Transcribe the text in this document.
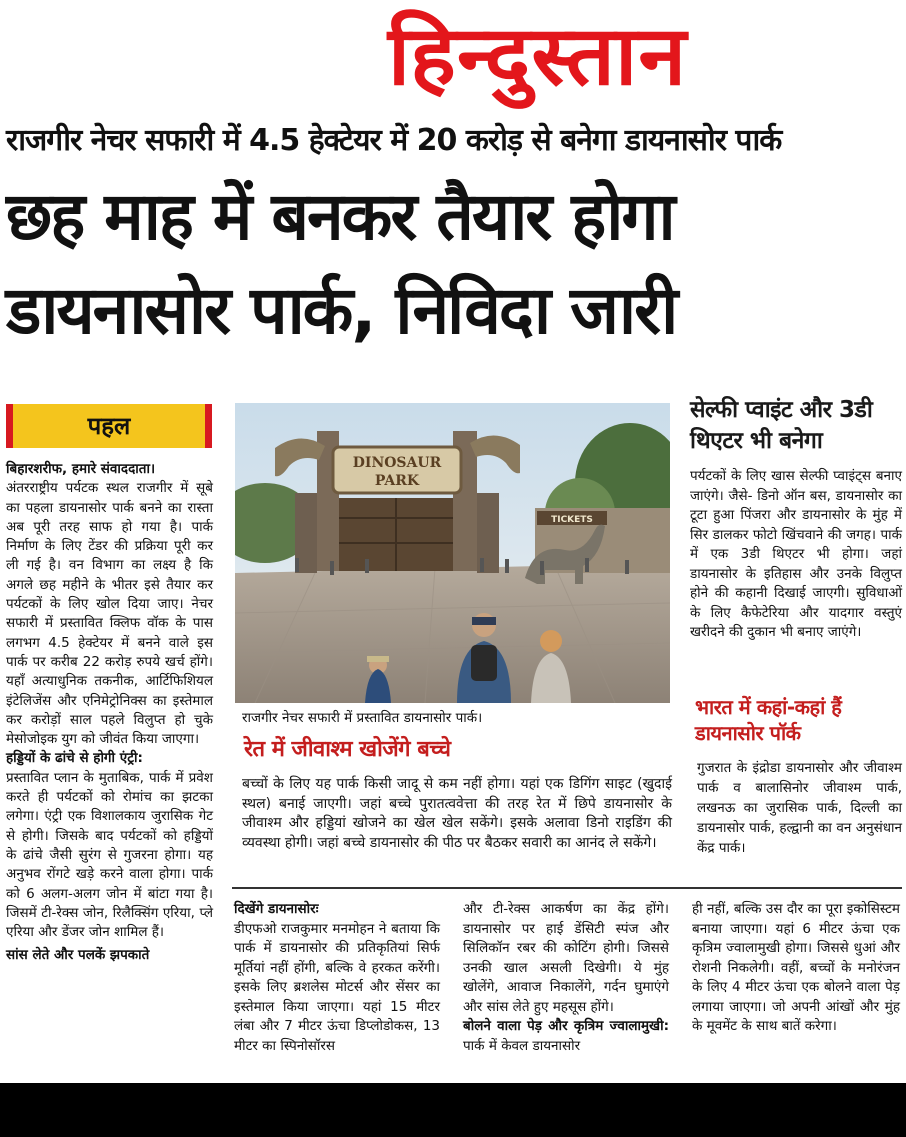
हिन्दुस्तान
राजगीर नेचर सफारी में 4.5 हेक्टेयर में 20 करोड़ से बनेगा डायनासोर पार्क
छह माह में बनकर तैयार होगा
डायनासोर पार्क, निविदा जारी
पहल

बिहारशरीफ, हमारे संवाददाता।

अंतरराष्ट्रीय पर्यटक स्थल राजगीर में सूबे का पहला डायनासोर पार्क बनने का रास्ता अब पूरी तरह साफ हो गया है। पार्क निर्माण के लिए टेंडर की प्रक्रिया पूरी कर ली गई है। वन विभाग का लक्ष्य है कि अगले छह महीने के भीतर इसे तैयार कर पर्यटकों के लिए खोल दिया जाए। नेचर सफारी में प्रस्तावित क्लिफ वॉक के पास लगभग 4.5 हेक्टेयर में बनने वाले इस पार्क पर करीब 22 करोड़ रुपये खर्च होंगे। यहाँ अत्याधुनिक तकनीक, आर्टिफिशियल इंटेलिजेंस और एनिमेट्रोनिक्स का इस्तेमाल कर करोड़ों साल पहले विलुप्त हो चुके मेसोजोइक युग को जीवंत किया जाएगा।

हड्डियों के ढांचे से होगी एंट्री:

प्रस्तावित प्लान के मुताबिक, पार्क में प्रवेश करते ही पर्यटकों को रोमांच का झटका लगेगा। एंट्री एक विशालकाय जुरासिक गेट से होगी। जिसके बाद पर्यटकों को हड्डियों के ढांचे जैसी सुरंग से गुजरना होगा। यह अनुभव रोंगटे खड़े करने वाला होगा। पार्क को 6 अलग-अलग जोन में बांटा गया है। जिसमें टी-रेक्स जोन, रिलैक्सिंग एरिया, प्ले एरिया और डेंजर जोन शामिल हैं।

सांस लेते और पलकें झपकाते

DINOSAUR
PARK
TICKETS
राजगीर नेचर सफारी में प्रस्तावित डायनासोर पार्क।
रेत में जीवाश्म खोजेंगे बच्चे
बच्चों के लिए यह पार्क किसी जादू से कम नहीं होगा। यहां एक डिगिंग साइट (खुदाई स्थल) बनाई जाएगी। जहां बच्चे पुरातत्ववेत्ता की तरह रेत में छिपे डायनासोर के जीवाश्म और हड्डियां खोजने का खेल खेल सकेंगे। इसके अलावा डिनो राइडिंग की व्यवस्था होगी। जहां बच्चे डायनासोर की पीठ पर बैठकर सवारी का आनंद ले सकेंगे।
सेल्फी प्वाइंट और 3डी थिएटर भी बनेगा
पर्यटकों के लिए खास सेल्फी प्वाइंट्स बनाए जाएंगे। जैसे- डिनो ऑन बस, डायनासोर का टूटा हुआ पिंजरा और डायनासोर के मुंह में सिर डालकर फोटो खिंचवाने की जगह। पार्क में एक 3डी थिएटर भी होगा। जहां डायनासोर के इतिहास और उनके विलुप्त होने की कहानी दिखाई जाएगी। सुविधाओं के लिए कैफेटेरिया और यादगार वस्तुएं खरीदने की दुकान भी बनाए जाएंगे।
भारत में कहां-कहां हैं डायनासोर पॉर्क
गुजरात के इंद्रोडा डायनासोर और जीवाश्म पार्क व बालासिनोर जीवाश्म पार्क, लखनऊ का जुरासिक पार्क, दिल्ली का डायनासोर पार्क, हल्द्वानी का वन अनुसंधान केंद्र पार्क।

दिखेंगे डायनासोरः

डीएफओ राजकुमार मनमोहन ने बताया कि पार्क में डायनासोर की प्रतिकृतियां सिर्फ मूर्तियां नहीं होंगी, बल्कि वे हरकत करेंगी। इसके लिए ब्रशलेस मोटर्स और सेंसर का इस्तेमाल किया जाएगा। यहां 15 मीटर लंबा और 7 मीटर ऊंचा डिप्लोडोकस, 13 मीटर का स्पिनोसॉरस

और टी-रेक्स आकर्षण का केंद्र होंगे। डायनासोर पर हाई डेंसिटी स्पंज और सिलिकॉन रबर की कोटिंग होगी। जिससे उनकी खाल असली दिखेगी। ये मुंह खोलेंगे, आवाज निकालेंगे, गर्दन घुमाएंगे और सांस लेते हुए महसूस होंगे।

बोलने वाला पेड़ और कृत्रिम ज्वालामुखी: पार्क में केवल डायनासोर

ही नहीं, बल्कि उस दौर का पूरा इकोसिस्टम बनाया जाएगा। यहां 6 मीटर ऊंचा एक कृत्रिम ज्वालामुखी होगा। जिससे धुआं और रोशनी निकलेगी। वहीं, बच्चों के मनोरंजन के लिए 4 मीटर ऊंचा एक बोलने वाला पेड़ लगाया जाएगा। जो अपनी आंखों और मुंह के मूवमेंट के साथ बातें करेगा।
